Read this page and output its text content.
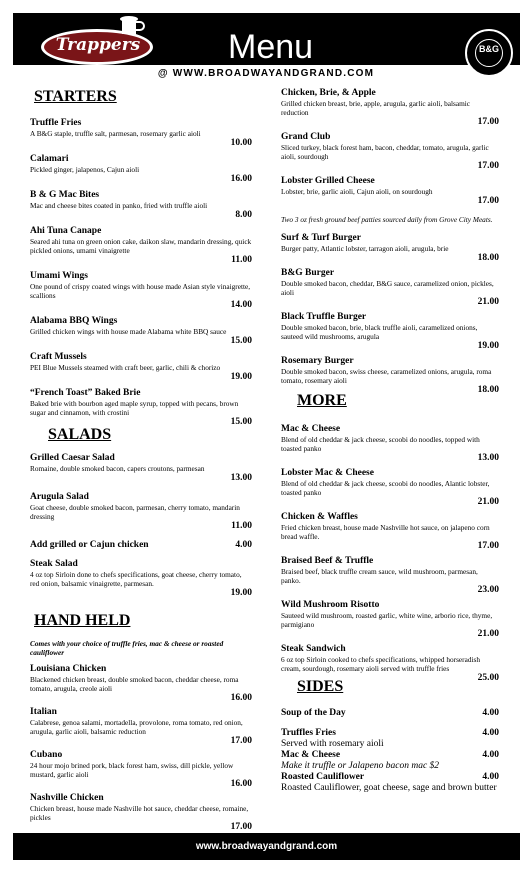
Trappers	Menu	B&G
@ WWW.BROADWAYANDGRAND.COM
STARTERS
Truffle Fries
A B&G staple, truffle salt, parmesan, rosemary garlic aioli
10.00
Calamari
Pickled ginger, jalapenos, Cajun aioli
16.00
B & G Mac Bites
Mac and cheese bites coated in panko, fried with truffle aioli
8.00
Ahi Tuna Canape
Seared ahi tuna on green onion cake, daikon slaw, mandarin dressing, quick pickled onions, umami vinaigrette
11.00
Umami Wings
One pound of crispy coated wings with house made Asian style vinaigrette, scallions
14.00
Alabama BBQ Wings
Grilled chicken wings with house made Alabama white BBQ sauce
15.00
Craft Mussels
PEI Blue Mussels steamed with craft beer, garlic, chili & chorizo
19.00
“French Toast” Baked Brie
Baked brie with bourbon aged maple syrup, topped with pecans, brown sugar and cinnamon, with crostini
15.00
SALADS
Grilled Caesar Salad
Romaine, double smoked bacon, capers croutons, parmesan
13.00
Arugula Salad
Goat cheese, double smoked bacon, parmesan, cherry tomato, mandarin dressing
11.00
Add grilled or Cajun chicken	4.00
Steak Salad
4 oz top Sirloin done to chefs specifications, goat cheese, cherry tomato, red onion, balsamic vinaigrette, parmesan.
19.00
HAND HELD
Comes with your choice of truffle fries, mac & cheese or roasted cauliflower
Louisiana Chicken
Blackened chicken breast, double smoked bacon, cheddar cheese, roma tomato, arugula, creole aioli
16.00
Italian
Calabrese, genoa salami, mortadella, provolone, roma tomato, red onion, arugula, garlic aioli, balsamic reduction
17.00
Cubano
24 hour mojo brined pork, black forest ham, swiss, dill pickle, yellow mustard, garlic aioli
16.00
Nashville Chicken
Chicken breast, house made Nashville hot sauce, cheddar cheese, romaine, pickles
17.00
Chicken, Brie, & Apple
Grilled chicken breast, brie, apple, arugula, garlic aioli, balsamic reduction
17.00
Grand Club
Sliced turkey, black forest ham, bacon, cheddar, tomato, arugula, garlic aioli, sourdough
17.00
Lobster Grilled Cheese
Lobster, brie, garlic aioli, Cajun aioli, on sourdough
17.00
Two 3 oz fresh ground beef patties sourced daily from Grove City Meats.
Surf & Turf Burger
Burger patty, Atlantic lobster, tarragon aioli, arugula, brie
18.00
B&G Burger
Double smoked bacon, cheddar, B&G sauce, caramelized onion, pickles, aioli
21.00
Black Truffle Burger
Double smoked bacon, brie, black truffle aioli, caramelized onions, sauteed wild mushrooms, arugula
19.00
Rosemary Burger
Double smoked bacon, swiss cheese, caramelized onions, arugula, roma tomato, rosemary aioli
18.00
MORE
Mac & Cheese
Blend of old cheddar & jack cheese, scoobi do noodles, topped with toasted panko
13.00
Lobster Mac & Cheese
Blend of old cheddar & jack cheese, scoobi do noodles, Alantic lobster, toasted panko
21.00
Chicken & Waffles
Fried chicken breast, house made Nashville hot sauce, on jalapeno corn bread waffle.
17.00
Braised Beef & Truffle
Braised beef, black truffle cream sauce, wild mushroom, parmesan, panko.
23.00
Wild Mushroom Risotto
Sauteed wild mushroom, roasted garlic, white wine, arborio rice, thyme, parmigiano
21.00
Steak Sandwich
6 oz top Sirloin cooked to chefs specifications, whipped horseradish cream, sourdough, rosemary aioli served with truffle fries
25.00
SIDES
Soup of the Day	4.00
Truffles Fries	4.00
Served with rosemary aioli
Mac & Cheese	4.00
Make it truffle or Jalapeno bacon mac $2
Roasted Cauliflower	4.00
Roasted Cauliflower, goat cheese, sage and brown butter
www.broadwayandgrand.com
